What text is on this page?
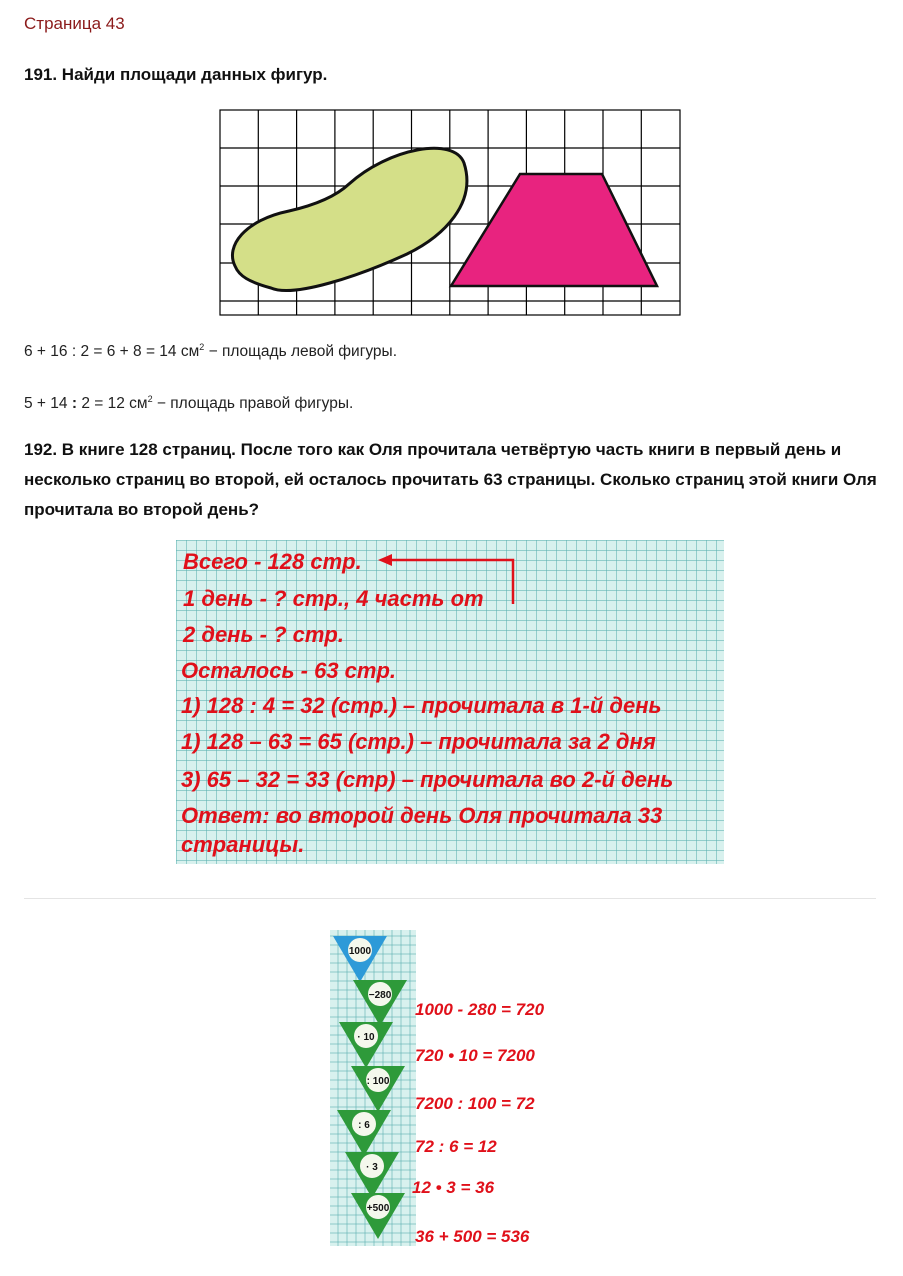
Страница 43
191. Найди площади данных фигур.
6 + 16 : 2 = 6 + 8 = 14 $см^2$ − площадь левой фигуры.
5 + 14 : 2 = 12 $см^2$ − площадь правой фигуры.
192. В книге 128 страниц. После того как Оля прочитала четвёртую часть книги в первый день и несколько страниц во второй, ей осталось прочитать 63 страницы. Сколько страниц этой книги Оля прочитала во второй день?
Всего - 128 стр.
1 день - ? стр., 4 часть от
2 день - ? стр.
Осталось - 63 стр.
1) 128 : 4 = 32 (стр.) – прочитала в 1-й день
1) 128 – 63 = 65 (стр.) – прочитала за 2 дня
3) 65 – 32 = 33 (стр) – прочитала во 2-й день
Ответ: во второй день Оля прочитала 33
страницы.
1000
−280
· 10
: 100
: 6
· 3
+500
1000 - 280 = 720
720 • 10 = 7200
7200 : 100 = 72
72 : 6 = 12
12 • 3 = 36
36 + 500 = 536
